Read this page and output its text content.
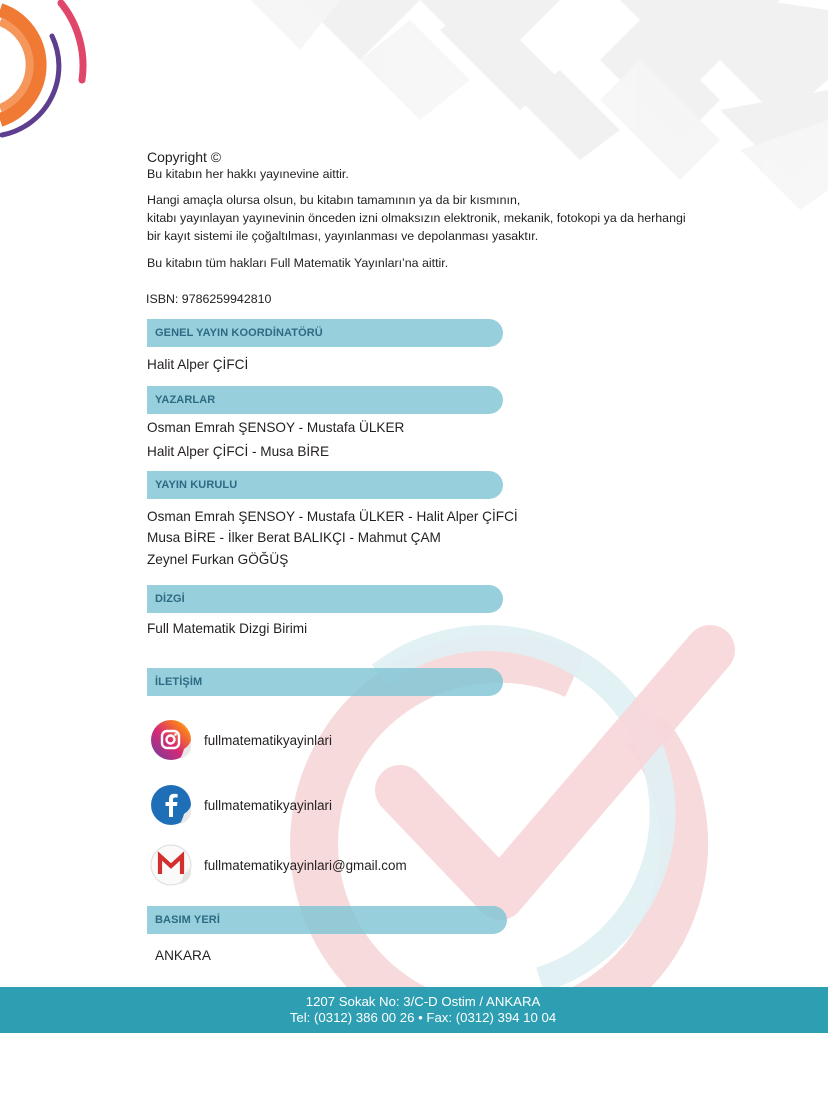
Copyright ©
Bu kitabın her hakkı yayınevine aittir.
Hangi amaçla olursa olsun, bu kitabın tamamının ya da bir kısmının,
kitabı yayınlayan yayınevinin önceden izni olmaksızın elektronik, mekanik, fotokopi ya da herhangi
bir kayıt sistemi ile çoğaltılması, yayınlanması ve depolanması yasaktır.
Bu kitabın tüm hakları Full Matematik Yayınları’na aittir.
ISBN: 9786259942810
GENEL YAYIN KOORDİNATÖRÜ
Halit Alper ÇİFCİ
YAZARLAR
Osman Emrah ŞENSOY - Mustafa ÜLKER
Halit Alper ÇİFCİ - Musa BİRE
YAYIN KURULU
Osman Emrah ŞENSOY - Mustafa ÜLKER - Halit Alper ÇİFCİ
Musa BİRE - İlker Berat BALIKÇI - Mahmut ÇAM
Zeynel Furkan GÖĞÜŞ
DİZGİ
Full Matematik Dizgi Birimi
İLETİŞİM
fullmatematikyayinlari
fullmatematikyayinlari
fullmatematikyayinlari@gmail.com
BASIM YERİ
ANKARA
1207 Sokak No: 3/C-D Ostim / ANKARA
Tel: (0312) 386 00 26 • Fax: (0312) 394 10 04
